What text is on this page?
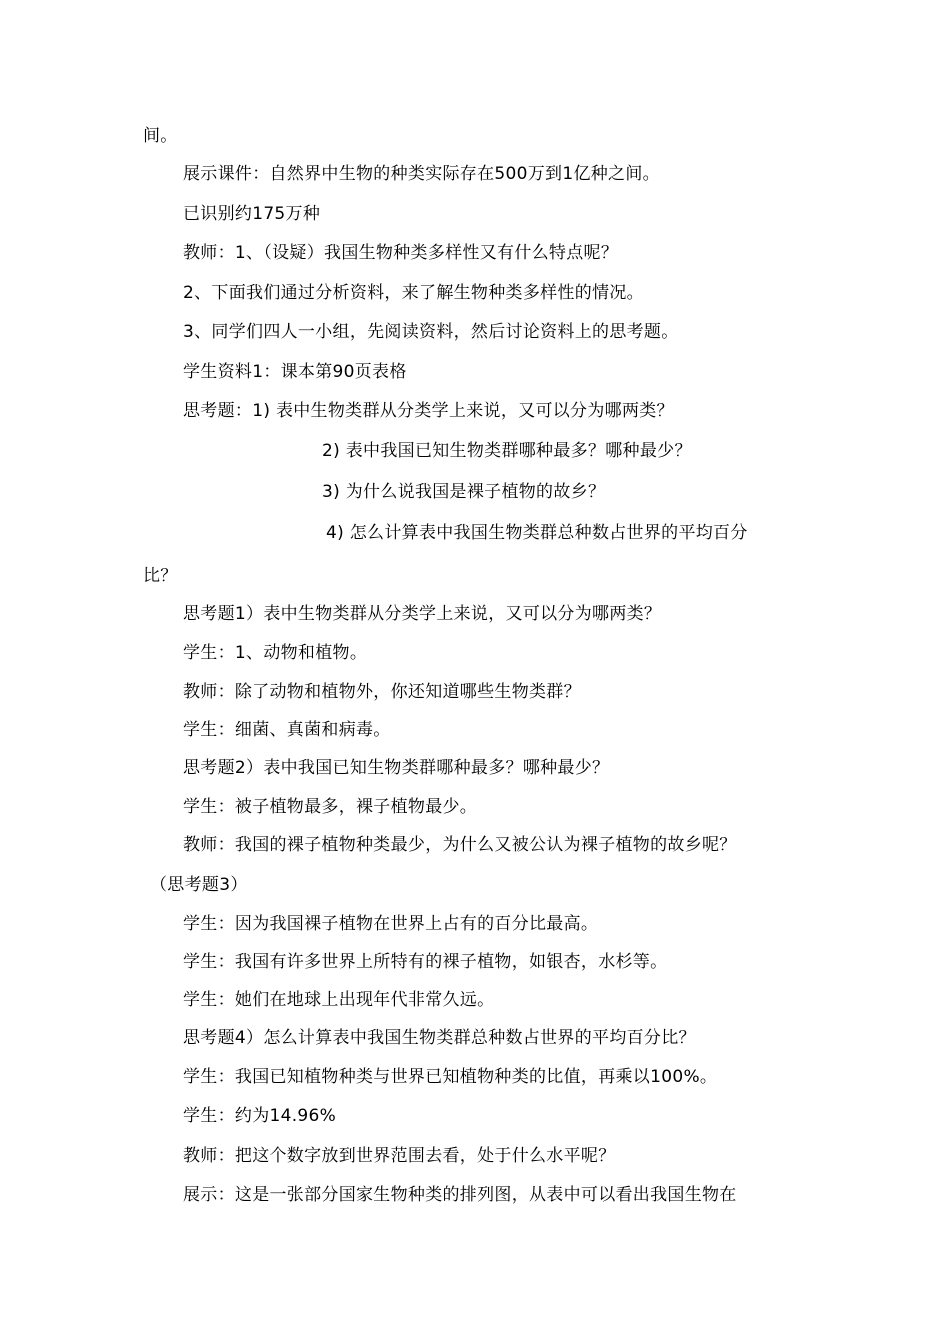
间。
展示课件：自然界中生物的种类实际存在500万到1亿种之间。
已识别约175万种
教师：1、（设疑）我国生物种类多样性又有什么特点呢？
2、下面我们通过分析资料，来了解生物种类多样性的情况。
3、同学们四人一小组，先阅读资料，然后讨论资料上的思考题。
学生资料1：课本第90页表格
思考题：1) 表中生物类群从分类学上来说，又可以分为哪两类？
2) 表中我国已知生物类群哪种最多？哪种最少？
3) 为什么说我国是裸子植物的故乡？
4) 怎么计算表中我国生物类群总种数占世界的平均百分
比？
思考题1）表中生物类群从分类学上来说，又可以分为哪两类？
学生：1、动物和植物。
教师：除了动物和植物外，你还知道哪些生物类群？
学生：细菌、真菌和病毒。
思考题2）表中我国已知生物类群哪种最多？哪种最少？
学生：被子植物最多，裸子植物最少。
教师：我国的裸子植物种类最少，为什么又被公认为裸子植物的故乡呢？
（思考题3）
学生：因为我国裸子植物在世界上占有的百分比最高。
学生：我国有许多世界上所特有的裸子植物，如银杏，水杉等。
学生：她们在地球上出现年代非常久远。
思考题4）怎么计算表中我国生物类群总种数占世界的平均百分比？
学生：我国已知植物种类与世界已知植物种类的比值，再乘以100%。
学生：约为14.96%
教师：把这个数字放到世界范围去看，处于什么水平呢？
展示：这是一张部分国家生物种类的排列图，从表中可以看出我国生物在
